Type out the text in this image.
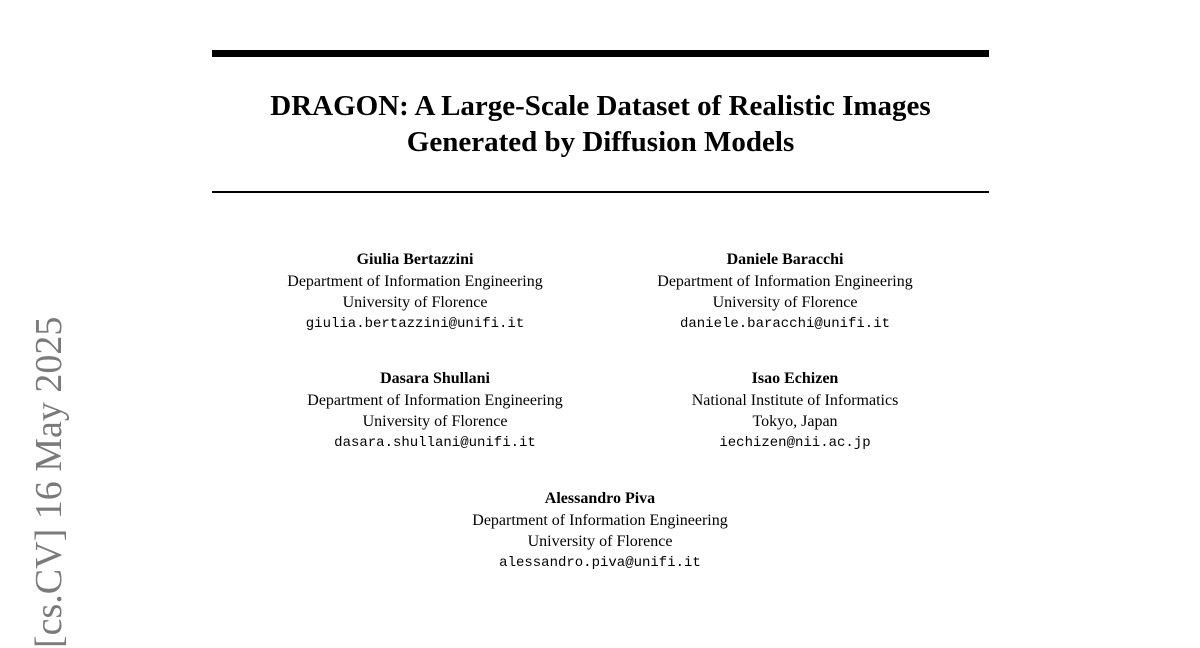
DRAGON: A Large-Scale Dataset of Realistic Images
Generated by Diffusion Models
Giulia Bertazzini
Department of Information Engineering
University of Florence
giulia.bertazzini@unifi.it
Daniele Baracchi
Department of Information Engineering
University of Florence
daniele.baracchi@unifi.it
Dasara Shullani
Department of Information Engineering
University of Florence
dasara.shullani@unifi.it
Isao Echizen
National Institute of Informatics
Tokyo, Japan
iechizen@nii.ac.jp
Alessandro Piva
Department of Information Engineering
University of Florence
alessandro.piva@unifi.it
[cs.CV] 16 May 2025
